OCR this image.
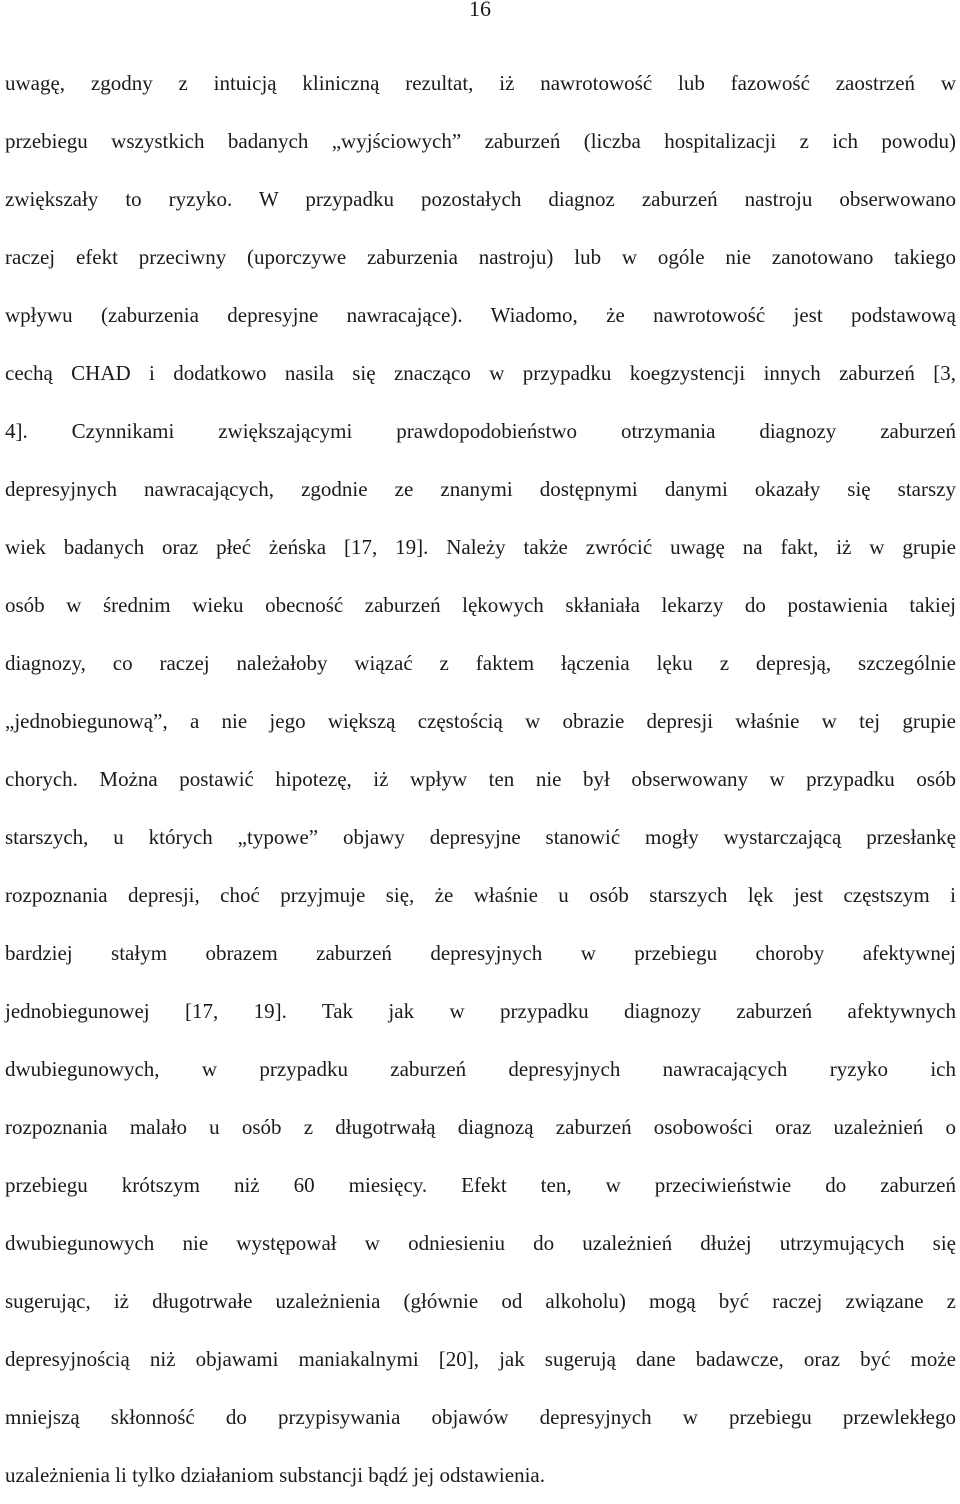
16
uwagę, zgodny z intuicją kliniczną rezultat, iż nawrotowość lub fazowość zaostrzeń w
przebiegu wszystkich badanych „wyjściowych” zaburzeń (liczba hospitalizacji z ich powodu)
zwiększały to ryzyko. W przypadku pozostałych diagnoz zaburzeń nastroju obserwowano
raczej efekt przeciwny (uporczywe zaburzenia nastroju) lub w ogóle nie zanotowano takiego
wpływu (zaburzenia depresyjne nawracające). Wiadomo, że nawrotowość jest podstawową
cechą CHAD i dodatkowo nasila się znacząco w przypadku koegzystencji innych zaburzeń [3,
4]. Czynnikami zwiększającymi prawdopodobieństwo otrzymania diagnozy zaburzeń
depresyjnych nawracających, zgodnie ze znanymi dostępnymi danymi okazały się starszy
wiek badanych oraz płeć żeńska [17, 19]. Należy także zwrócić uwagę na fakt, iż w grupie
osób w średnim wieku obecność zaburzeń lękowych skłaniała lekarzy do postawienia takiej
diagnozy, co raczej należałoby wiązać z faktem łączenia lęku z depresją, szczególnie
„jednobiegunową”, a nie jego większą częstością w obrazie depresji właśnie w tej grupie
chorych. Można postawić hipotezę, iż wpływ ten nie był obserwowany w przypadku osób
starszych, u których „typowe” objawy depresyjne stanowić mogły wystarczającą przesłankę
rozpoznania depresji, choć przyjmuje się, że właśnie u osób starszych lęk jest częstszym i
bardziej stałym obrazem zaburzeń depresyjnych w przebiegu choroby afektywnej
jednobiegunowej [17, 19]. Tak jak w przypadku diagnozy zaburzeń afektywnych
dwubiegunowych, w przypadku zaburzeń depresyjnych nawracających ryzyko ich
rozpoznania malało u osób z długotrwałą diagnozą zaburzeń osobowości oraz uzależnień o
przebiegu krótszym niż 60 miesięcy. Efekt ten, w przeciwieństwie do zaburzeń
dwubiegunowych nie występował w odniesieniu do uzależnień dłużej utrzymujących się
sugerując, iż długotrwałe uzależnienia (głównie od alkoholu) mogą być raczej związane z
depresyjnością niż objawami maniakalnymi [20], jak sugerują dane badawcze, oraz być może
mniejszą skłonność do przypisywania objawów depresyjnych w przebiegu przewlekłego
uzależnienia li tylko działaniom substancji bądź jej odstawienia.
